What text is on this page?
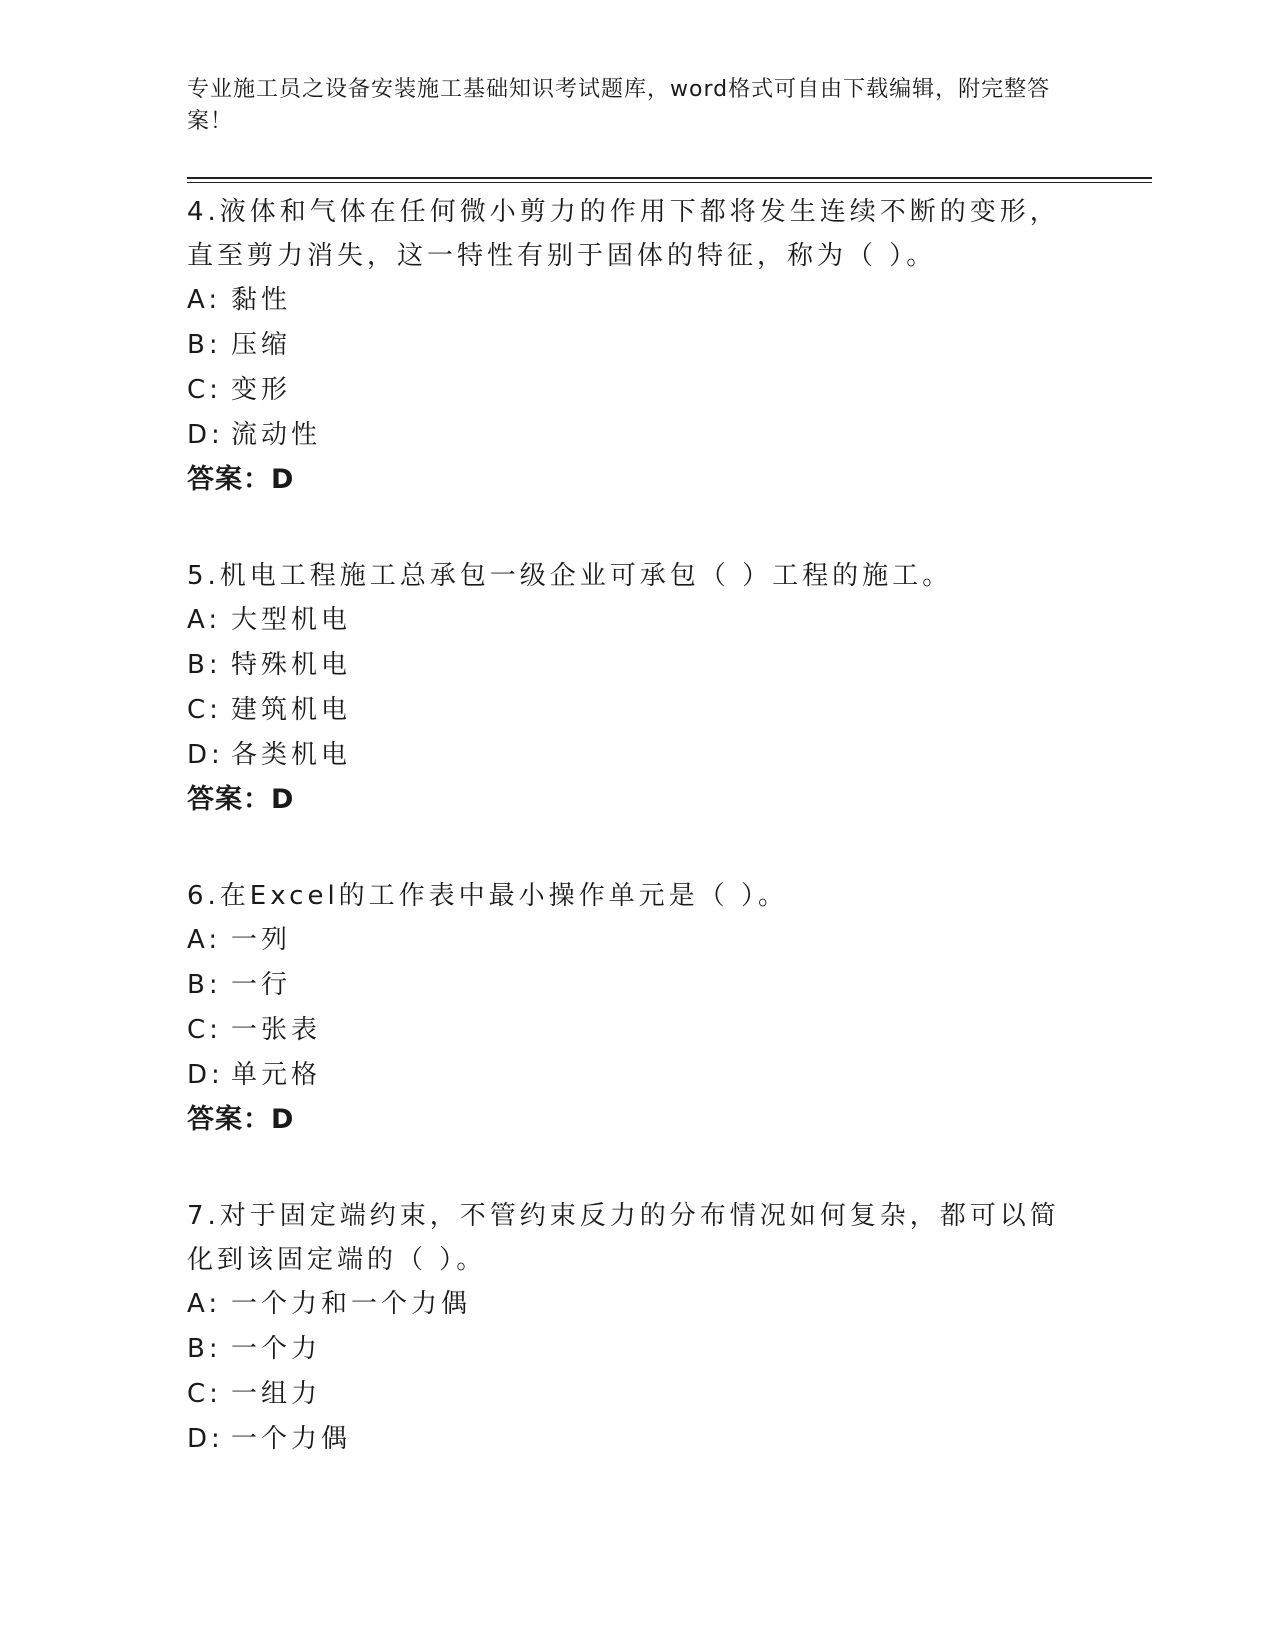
专业施工员之设备安装施工基础知识考试题库，word格式可自由下载编辑，附完整答案！
4.液体和气体在任何微小剪力的作用下都将发生连续不断的变形，直至剪力消失，这一特性有别于固体的特征，称为（ ）。
A: 黏性
B: 压缩
C: 变形
D: 流动性
答案：D
5.机电工程施工总承包一级企业可承包（ ）工程的施工。
A: 大型机电
B: 特殊机电
C: 建筑机电
D: 各类机电
答案：D
6.在Excel的工作表中最小操作单元是（ ）。
A: 一列
B: 一行
C: 一张表
D: 单元格
答案：D
7.对于固定端约束，不管约束反力的分布情况如何复杂，都可以简化到该固定端的（ ）。
A: 一个力和一个力偶
B: 一个力
C: 一组力
D: 一个力偶
